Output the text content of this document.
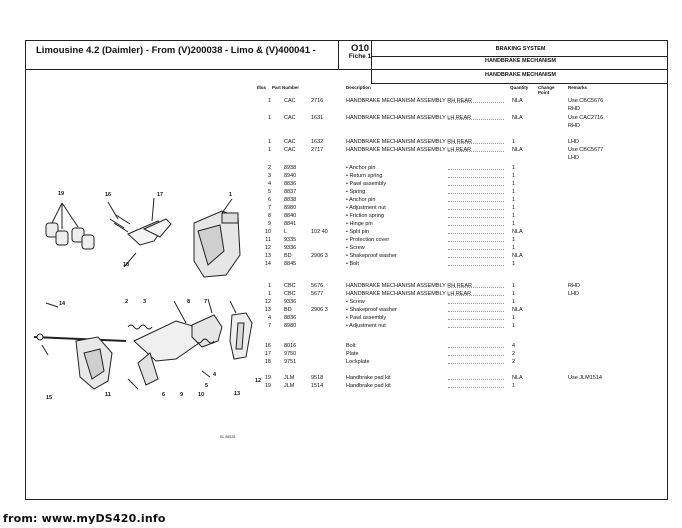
Limousine 4.2 (Daimler) - From (V)200038 - Limo & (V)400041 -	O10
Fiche 1
BRAKING SYSTEM
HANDBRAKE MECHANISM
HANDBRAKE MECHANISM
Illus Part Number	Description	Quantity Change Point
Remarks
1 CAC	2716	HANDBRAKE MECHANISM ASSEMBLY RH REAR	NLA	Use CBC5676
RHD
1 CAC	1631	HANDBRAKE MECHANISM ASSEMBLY LH REAR	NLA	Use CAC2716
RHD
1 CAC	1632	HANDBRAKE MECHANISM ASSEMBLY RH REAR	1	LHD
1 CAC	2717	HANDBRAKE MECHANISM ASSEMBLY LH REAR	NLA	Use CBC5677
LHD
2 8938	• Anchor pin	1
3 8940	• Return spring	1
4 8836	• Pawl assembly	1
5 8837	• Spring	1
6 8838	• Anchor pin	1
7 8980	• Adjustment nut	1
8 8840	• Friction spring	1
9 8841	• Hinge pin	1
10 L	102 40	• Split pin	NLA
11 9335	• Protection cover	1
12 9336	• Screw	1
13 BD	2906 3	• Shakeproof washer	NLA
14 8845	• Bolt	1
1 CBC	5676	HANDBRAKE MECHANISM ASSEMBLY RH REAR	1	RHD
1 CBC	5677	HANDBRAKE MECHANISM ASSEMBLY LH REAR	1	LHD
12 9336	• Screw	1
13 BD	2906 3	• Shakeproof washer	NLA
4 8836	• Pawl assembly	1
7 8980	• Adjustment nut	1
16 8016	Bolt	4
17 9750	Plate	2
18 9751	Lockplate	2
19 JLM	9518	Handbrake pad kit	NLA	Use JLM1514
19 JLM	1514	Handbrake pad kit	1
19	16	17	1
18
14	2	3	8	7
4
5
12
13
15	11	6	9	10
RL 86528
from: www.myDS420.info
